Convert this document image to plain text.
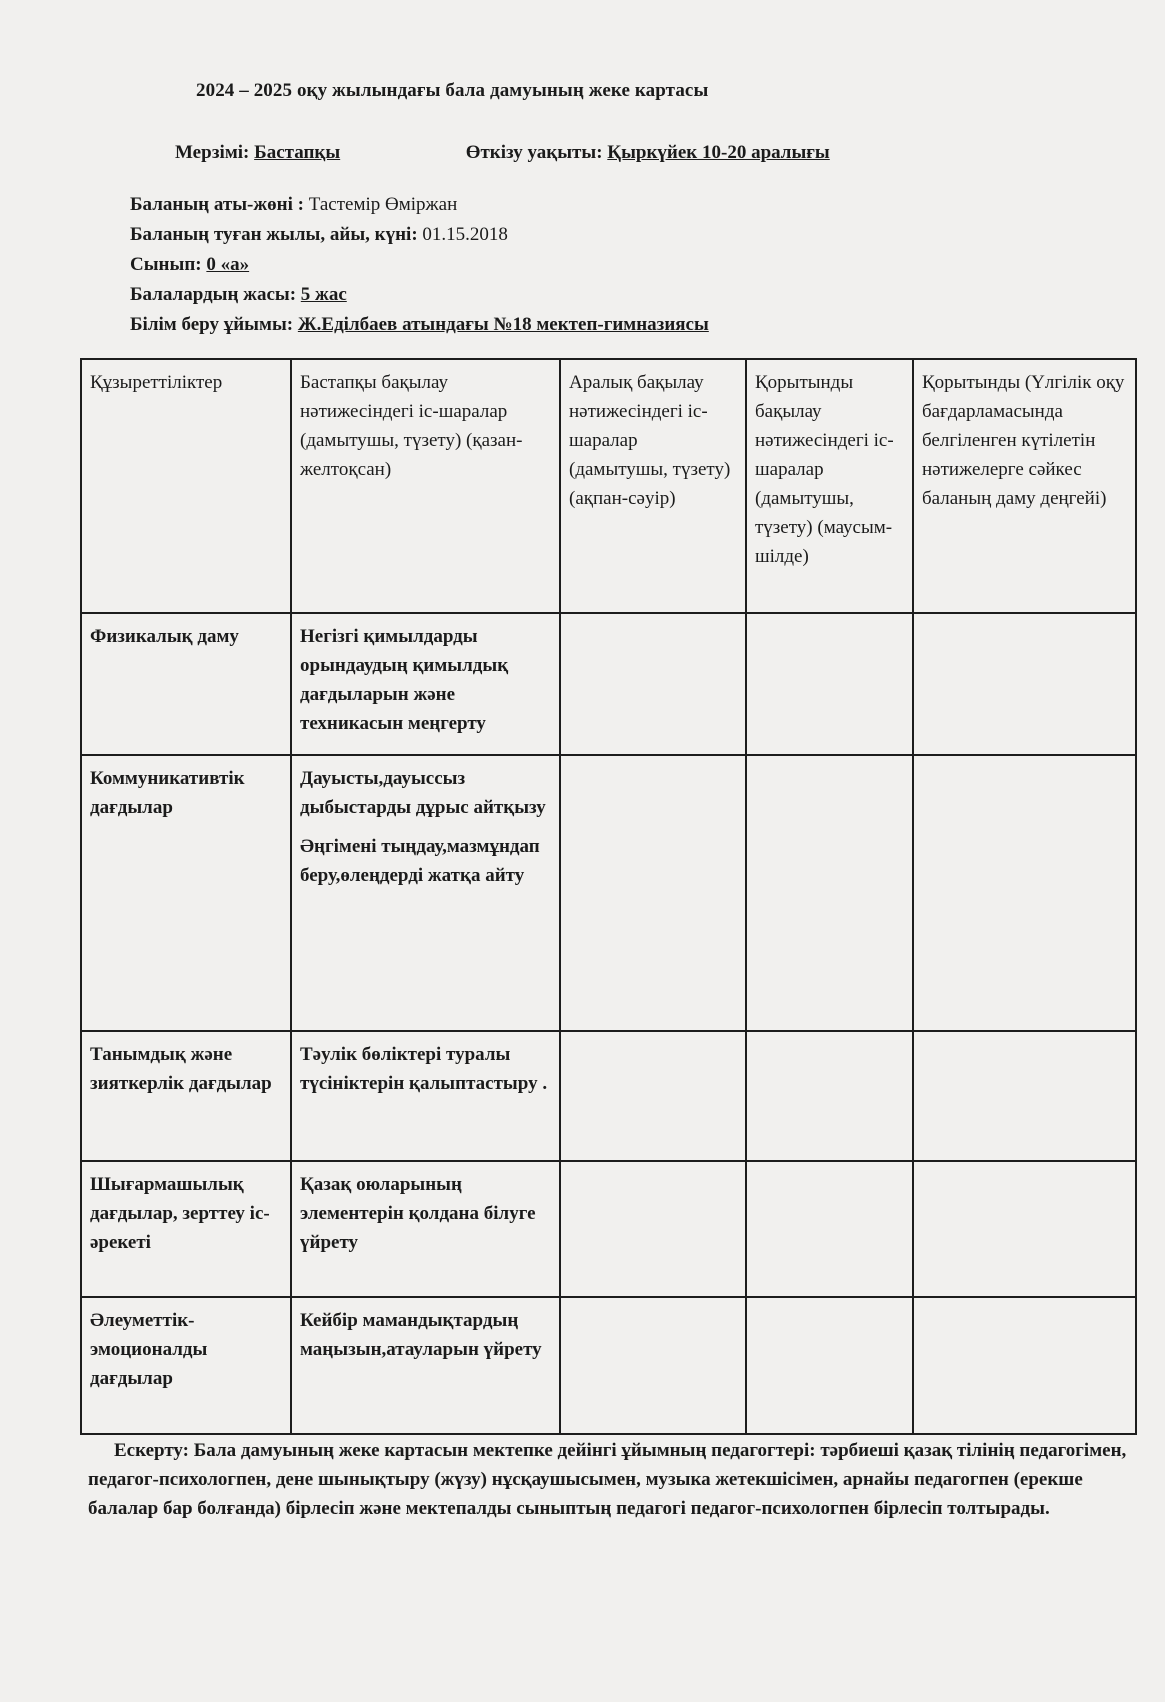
2024 – 2025 оқу жылындағы бала дамуының жеке картасы
Мерзімі: Бастапқы	Өткізу уақыты: Қыркүйек 10-20 аралығы
Баланың аты-жөні : Тастемір Өміржан
Баланың туған жылы, айы, күні: 01.15.2018
Сынып: 0 «а»
Балалардың жасы: 5 жас
Білім беру ұйымы: Ж.Еділбаев атындағы №18 мектеп-гимназиясы
Құзыреттіліктер	Бастапқы бақылау нәтижесіндегі іс-шаралар (дамытушы, түзету) (қазан-желтоқсан)	Аралық бақылау нәтижесіндегі іс-шаралар (дамытушы, түзету) (ақпан-сәуір)	Қорытынды бақылау нәтижесіндегі іс-шаралар (дамытушы, түзету) (маусым-шілде)	Қорытынды (Үлгілік оқу бағдарламасында белгіленген күтілетін нәтижелерге сәйкес баланың даму деңгейі)
Физикалық даму	Негізгі қимылдарды орындаудың қимылдық дағдыларын және техникасын меңгерту			

Коммуникативтік дағдылар	Дауысты,дауыссыз дыбыстарды дұрыс айтқызу
Әңгімені тыңдау,мазмұндап беру,өлеңдерді жатқа айту			

Танымдық және зияткерлік дағдылар	Тәулік бөліктері туралы түсініктерін қалыптастыру .			

Шығармашылық дағдылар, зерттеу іс-әрекеті	Қазақ оюларының элементерін қолдана білуге үйрету			

Әлеуметтік-эмоционалды дағдылар	Кейбір мамандықтардың маңызын,атауларын үйрету			

Ескерту: Бала дамуының жеке картасын мектепке дейінгі ұйымның педагогтері: тәрбиеші қазақ тілінің педагогімен, педагог-психологпен, дене шынықтыру (жүзу) нұсқаушысымен, музыка жетекшісімен, арнайы педагогпен (ерекше балалар бар болғанда) бірлесіп және мектепалды сыныптың педагогі педагог-психологпен бірлесіп толтырады.
